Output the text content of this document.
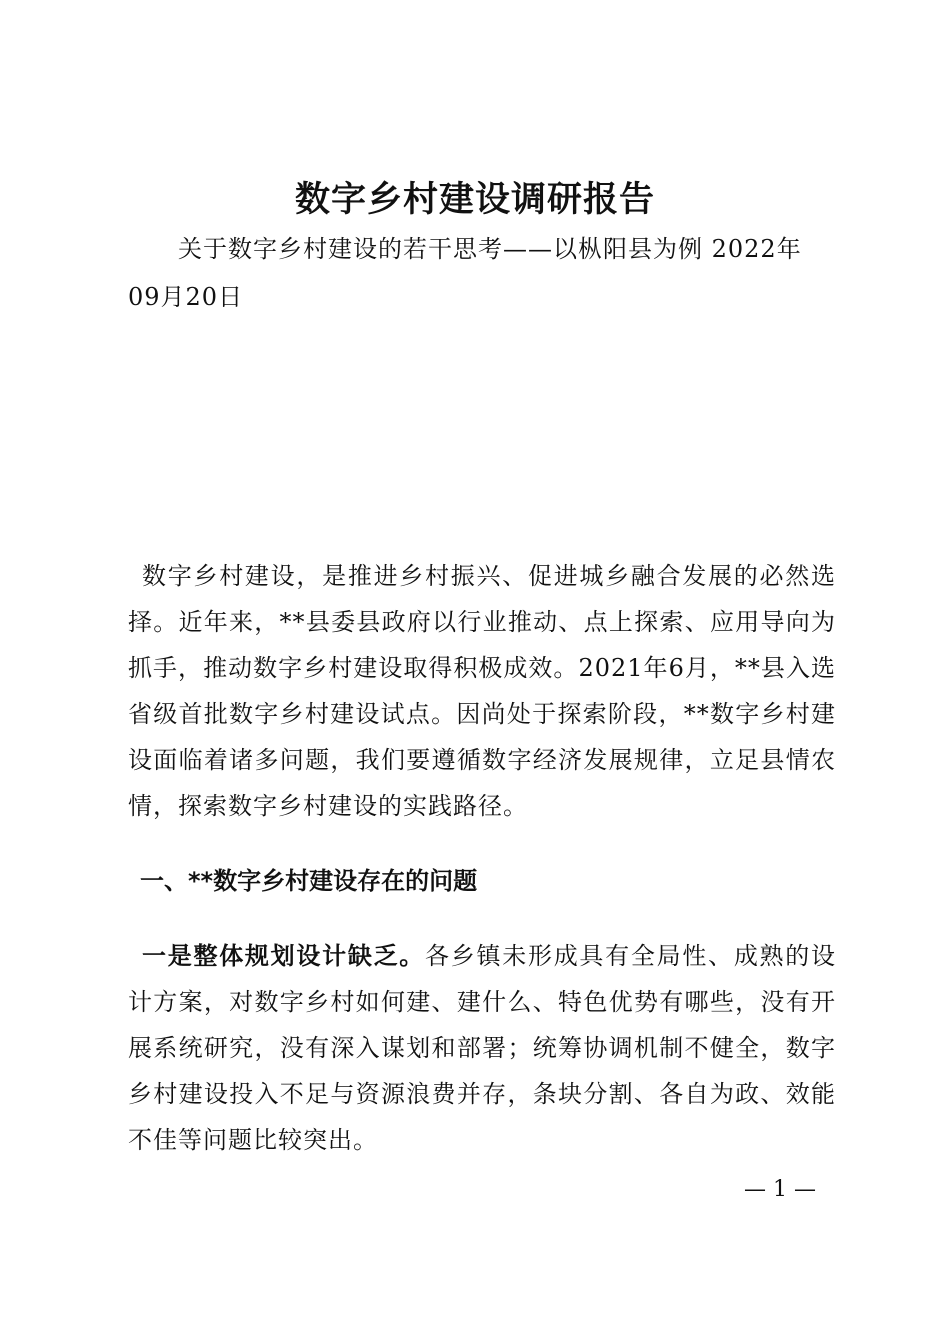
数字乡村建设调研报告
关于数字乡村建设的若干思考——以枞阳县为例 2022年09月20日
数字乡村建设，是推进乡村振兴、促进城乡融合发展的必然选择。近年来，**县委县政府以行业推动、点上探索、应用导向为抓手，推动数字乡村建设取得积极成效。2021年6月，**县入选省级首批数字乡村建设试点。因尚处于探索阶段，**数字乡村建设面临着诸多问题，我们要遵循数字经济发展规律，立足县情农情，探索数字乡村建设的实践路径。
一、**数字乡村建设存在的问题
一是整体规划设计缺乏。各乡镇未形成具有全局性、成熟的设计方案，对数字乡村如何建、建什么、特色优势有哪些，没有开展系统研究，没有深入谋划和部署；统筹协调机制不健全，数字乡村建设投入不足与资源浪费并存，条块分割、各自为政、效能不佳等问题比较突出。
— 1 —
